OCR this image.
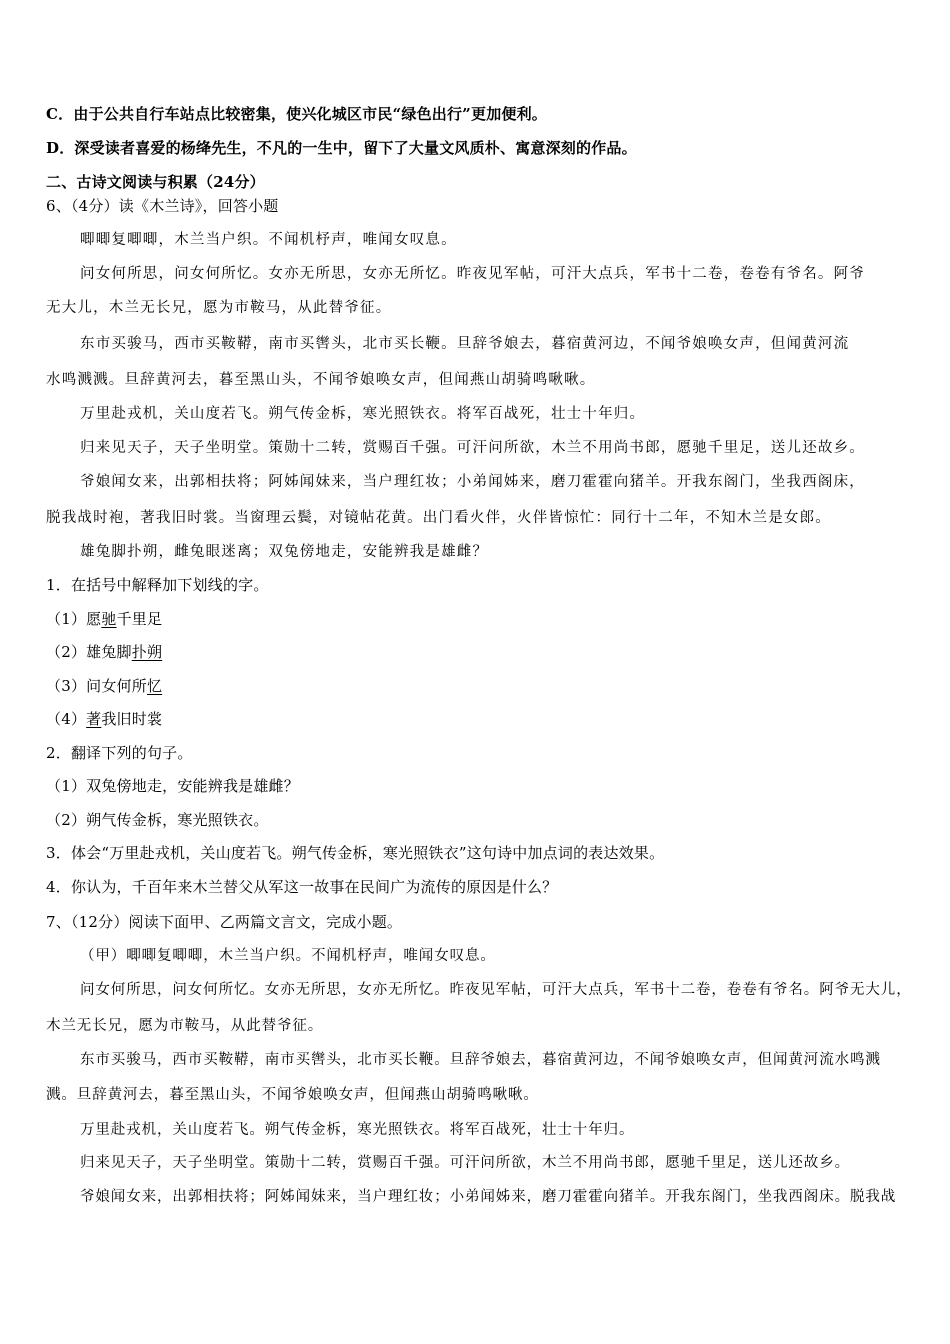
C．由于公共自行车站点比较密集，使兴化城区市民“绿色出行”更加便利。
D．深受读者喜爱的杨绛先生，不凡的一生中，留下了大量文风质朴、寓意深刻的作品。
二、古诗文阅读与积累（24分）
6、（4分）读《木兰诗》，回答小题
唧唧复唧唧，木兰当户织。不闻机杼声，唯闻女叹息。
问女何所思，问女何所忆。女亦无所思，女亦无所忆。昨夜见军帖，可汗大点兵，军书十二卷，卷卷有爷名。阿爷
无大儿，木兰无长兄，愿为市鞍马，从此替爷征。
东市买骏马，西市买鞍鞯，南市买辔头，北市买长鞭。旦辞爷娘去，暮宿黄河边，不闻爷娘唤女声，但闻黄河流
水鸣溅溅。旦辞黄河去，暮至黑山头，不闻爷娘唤女声，但闻燕山胡骑鸣啾啾。
万里赴戎机，关山度若飞。朔气传金柝，寒光照铁衣。将军百战死，壮士十年归。
归来见天子，天子坐明堂。策勋十二转，赏赐百千强。可汗问所欲，木兰不用尚书郎，愿驰千里足，送儿还故乡。
爷娘闻女来，出郭相扶将；阿姊闻妹来，当户理红妆；小弟闻姊来，磨刀霍霍向猪羊。开我东阁门，坐我西阁床，
脱我战时袍，著我旧时裳。当窗理云鬓，对镜帖花黄。出门看火伴，火伴皆惊忙：同行十二年，不知木兰是女郎。
雄兔脚扑朔，雌兔眼迷离；双兔傍地走，安能辨我是雄雌？
1．在括号中解释加下划线的字。
（1）愿驰千里足
（2）雄兔脚扑朔
（3）问女何所忆
（4）著我旧时裳
2．翻译下列的句子。
（1）双兔傍地走，安能辨我是雄雌？
（2）朔气传金柝，寒光照铁衣。
3．体会“万里赴戎机，关山度若飞。朔气传金柝，寒光照铁衣”这句诗中加点词的表达效果。
4．你认为，千百年来木兰替父从军这一故事在民间广为流传的原因是什么？
7、（12分）阅读下面甲、乙两篇文言文，完成小题。
（甲）唧唧复唧唧，木兰当户织。不闻机杼声，唯闻女叹息。
问女何所思，问女何所忆。女亦无所思，女亦无所忆。昨夜见军帖，可汗大点兵，军书十二卷，卷卷有爷名。阿爷无大儿，
木兰无长兄，愿为市鞍马，从此替爷征。
东市买骏马，西市买鞍鞯，南市买辔头，北市买长鞭。旦辞爷娘去，暮宿黄河边，不闻爷娘唤女声，但闻黄河流水鸣溅
溅。旦辞黄河去，暮至黑山头，不闻爷娘唤女声，但闻燕山胡骑鸣啾啾。
万里赴戎机，关山度若飞。朔气传金柝，寒光照铁衣。将军百战死，壮士十年归。
归来见天子，天子坐明堂。策勋十二转，赏赐百千强。可汗问所欲，木兰不用尚书郎，愿驰千里足，送儿还故乡。
爷娘闻女来，出郭相扶将；阿姊闻妹来，当户理红妆；小弟闻姊来，磨刀霍霍向猪羊。开我东阁门，坐我西阁床。脱我战
